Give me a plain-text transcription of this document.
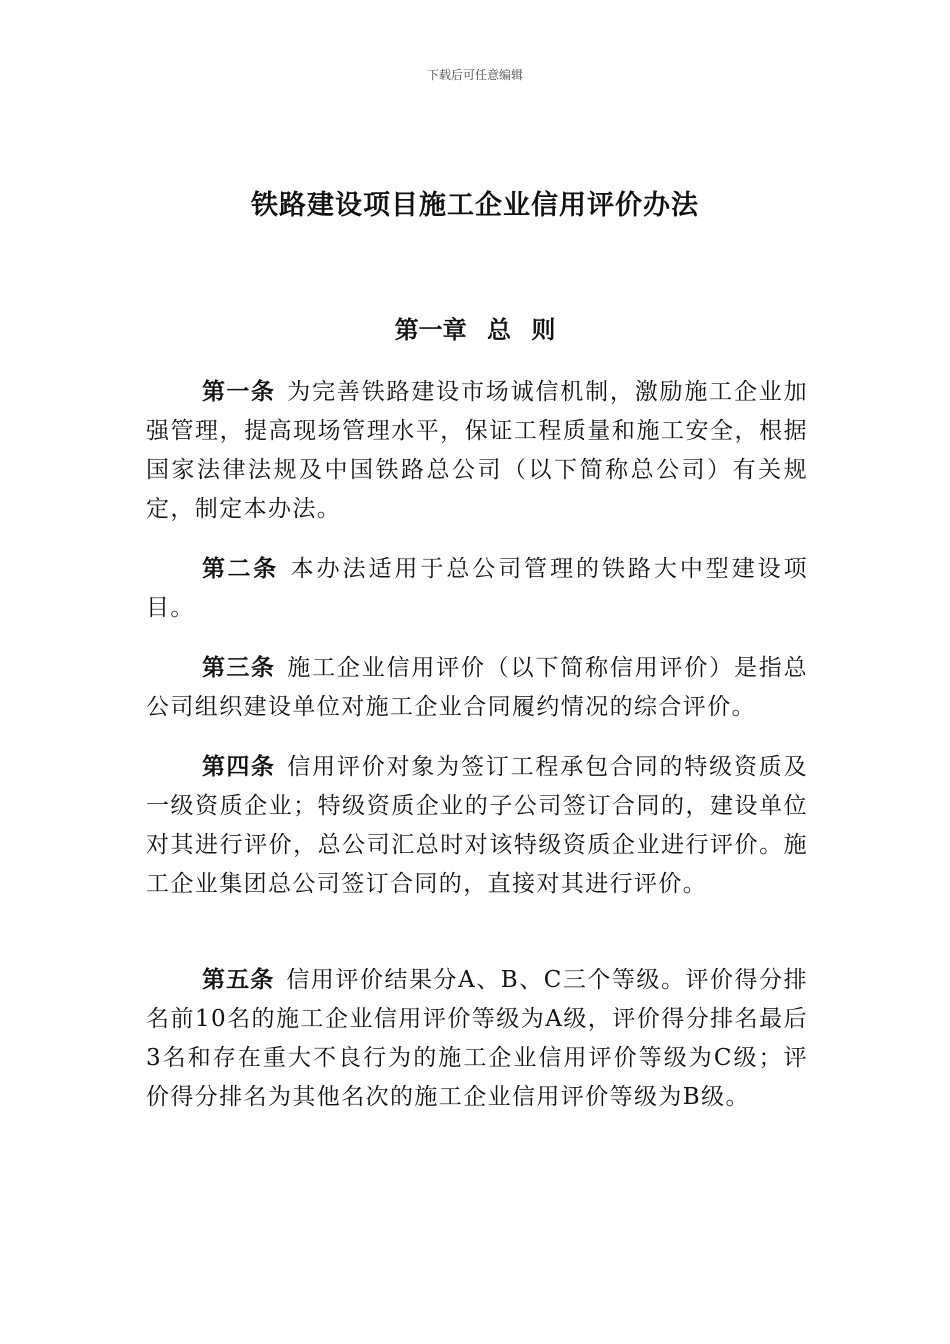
下载后可任意编辑
铁路建设项目施工企业信用评价办法
第一章 总 则

第一条 为完善铁路建设市场诚信机制，激励施工企业加强管理，提高现场管理水平，保证工程质量和施工安全，根据国家法律法规及中国铁路总公司（以下简称总公司）有关规定，制定本办法。

第二条 本办法适用于总公司管理的铁路大中型建设项目。

第三条 施工企业信用评价（以下简称信用评价）是指总公司组织建设单位对施工企业合同履约情况的综合评价。

第四条 信用评价对象为签订工程承包合同的特级资质及一级资质企业；特级资质企业的子公司签订合同的，建设单位对其进行评价，总公司汇总时对该特级资质企业进行评价。施工企业集团总公司签订合同的，直接对其进行评价。

第五条 信用评价结果分A、B、C三个等级。评价得分排名前10名的施工企业信用评价等级为A级，评价得分排名最后3名和存在重大不良行为的施工企业信用评价等级为C级；评价得分排名为其他名次的施工企业信用评价等级为B级。
